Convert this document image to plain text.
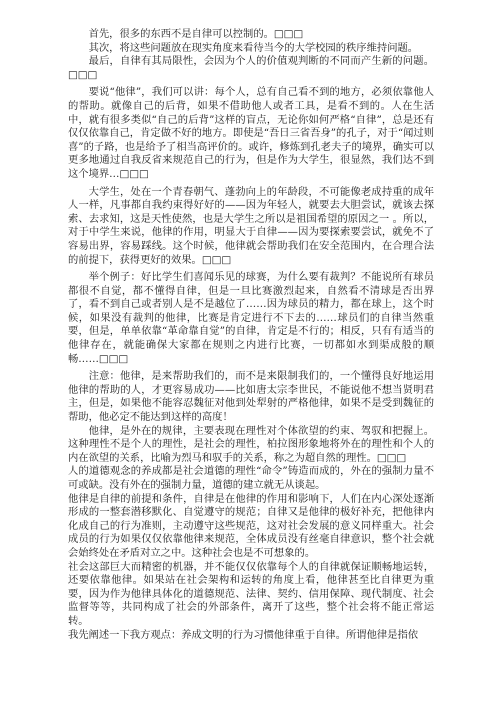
首先，很多的东西不是自律可以控制的。□□□

其次，将这些问题放在现实角度来看待当今的大学校园的秩序维持问题。

最后，自律有其局限性，会因为个人的价值观判断的不同而产生新的问题。□□□

要说“他律”，我们可以讲：每个人，总有自己看不到的地方，必须依靠他人的帮助。就像自己的后背，如果不借助他人或者工具，是看不到的。人在生活中，就有很多类似“自己的后背”这样的盲点，无论你如何严格“自律”，总是还有仅仅依靠自己，肯定做不好的地方。即使是“吾日三省吾身”的孔子，对于“闻过则喜”的子路，也是给予了相当高评价的。或许，修炼到孔老夫子的境界，确实可以更多地通过自我反省来规范自己的行为，但是作为大学生，很显然，我们达不到这个境界…□□□

大学生，处在一个青春朝气、蓬勃向上的年龄段，不可能像老成持重的成年人一样，凡事都自我约束得好好的——因为年轻人，就要去大胆尝试，就该去探索、去求知，这是天性使然，也是大学生之所以是祖国希望的原因之一 。所以，对于中学生来说，他律的作用，明显大于自律——因为要探索要尝试，就免不了容易出界，容易踩线。这个时候，他律就会帮助我们在安全范围内，在合理合法的前提下，获得更好的效果。□□□

举个例子：好比学生们喜闻乐见的球赛，为什么要有裁判？不能说所有球员都很不自觉，都不懂得自律，但是一旦比赛激烈起来，自然看不清球是否出界了，看不到自己或者别人是不是越位了……因为球员的精力，都在球上，这个时候，如果没有裁判的他律，比赛是肯定进行不下去的……球员们的自律当然重要，但是，单单依靠“革命靠自觉”的自律，肯定是不行的；相反，只有有适当的他律存在，就能确保大家都在规则之内进行比赛，一切都如水到渠成般的顺畅……□□□

注意：他律，是来帮助我们的，而不是来限制我们的，一个懂得良好地运用他律的帮助的人，才更容易成功——比如唐太宗李世民，不能说他不想当贤明君主，但是，如果他不能容忍魏征对他到处犁射的严格他律，如果不是受到魏征的帮助，他必定不能达到这样的高度！

他律，是外在的规律，主要表现在理性对个体欲望的约束、驾驭和把握上。这种理性不是个人的理性，是社会的理性，柏拉图形象地将外在的理性和个人的内在欲望的关系，比喻为烈马和驭手的关系，称之为超自然的理性。□□□

人的道德观念的养成都是社会道德的理性“命令”铸造而成的，外在的强制力量不可或缺。没有外在的强制力量，道德的建立就无从谈起。

他律是自律的前提和条件，自律是在他律的作用和影响下，人们在内心深处逐渐形成的一整套潜移默化、自觉遵守的规范；自律又是他律的极好补充，把他律内化成自己的行为准则，主动遵守这些规范，这对社会发展的意义同样重大。社会成员的行为如果仅仅依靠他律来规范，全体成员没有丝毫自律意识，整个社会就会始终处在矛盾对立之中。这种社会也是不可想象的。

社会这部巨大而精密的机器，并不能仅仅依靠每个人的自律就保证顺畅地运转，还要依靠他律。如果站在社会架构和运转的角度上看，他律甚至比自律更为重要，因为作为他律具体化的道德规范、法律、契约、信用保障、现代制度、社会监督等等，共同构成了社会的外部条件，离开了这些，整个社会将不能正常运转。

我先阐述一下我方观点：养成文明的行为习惯他律重于自律。所谓他律是指依
